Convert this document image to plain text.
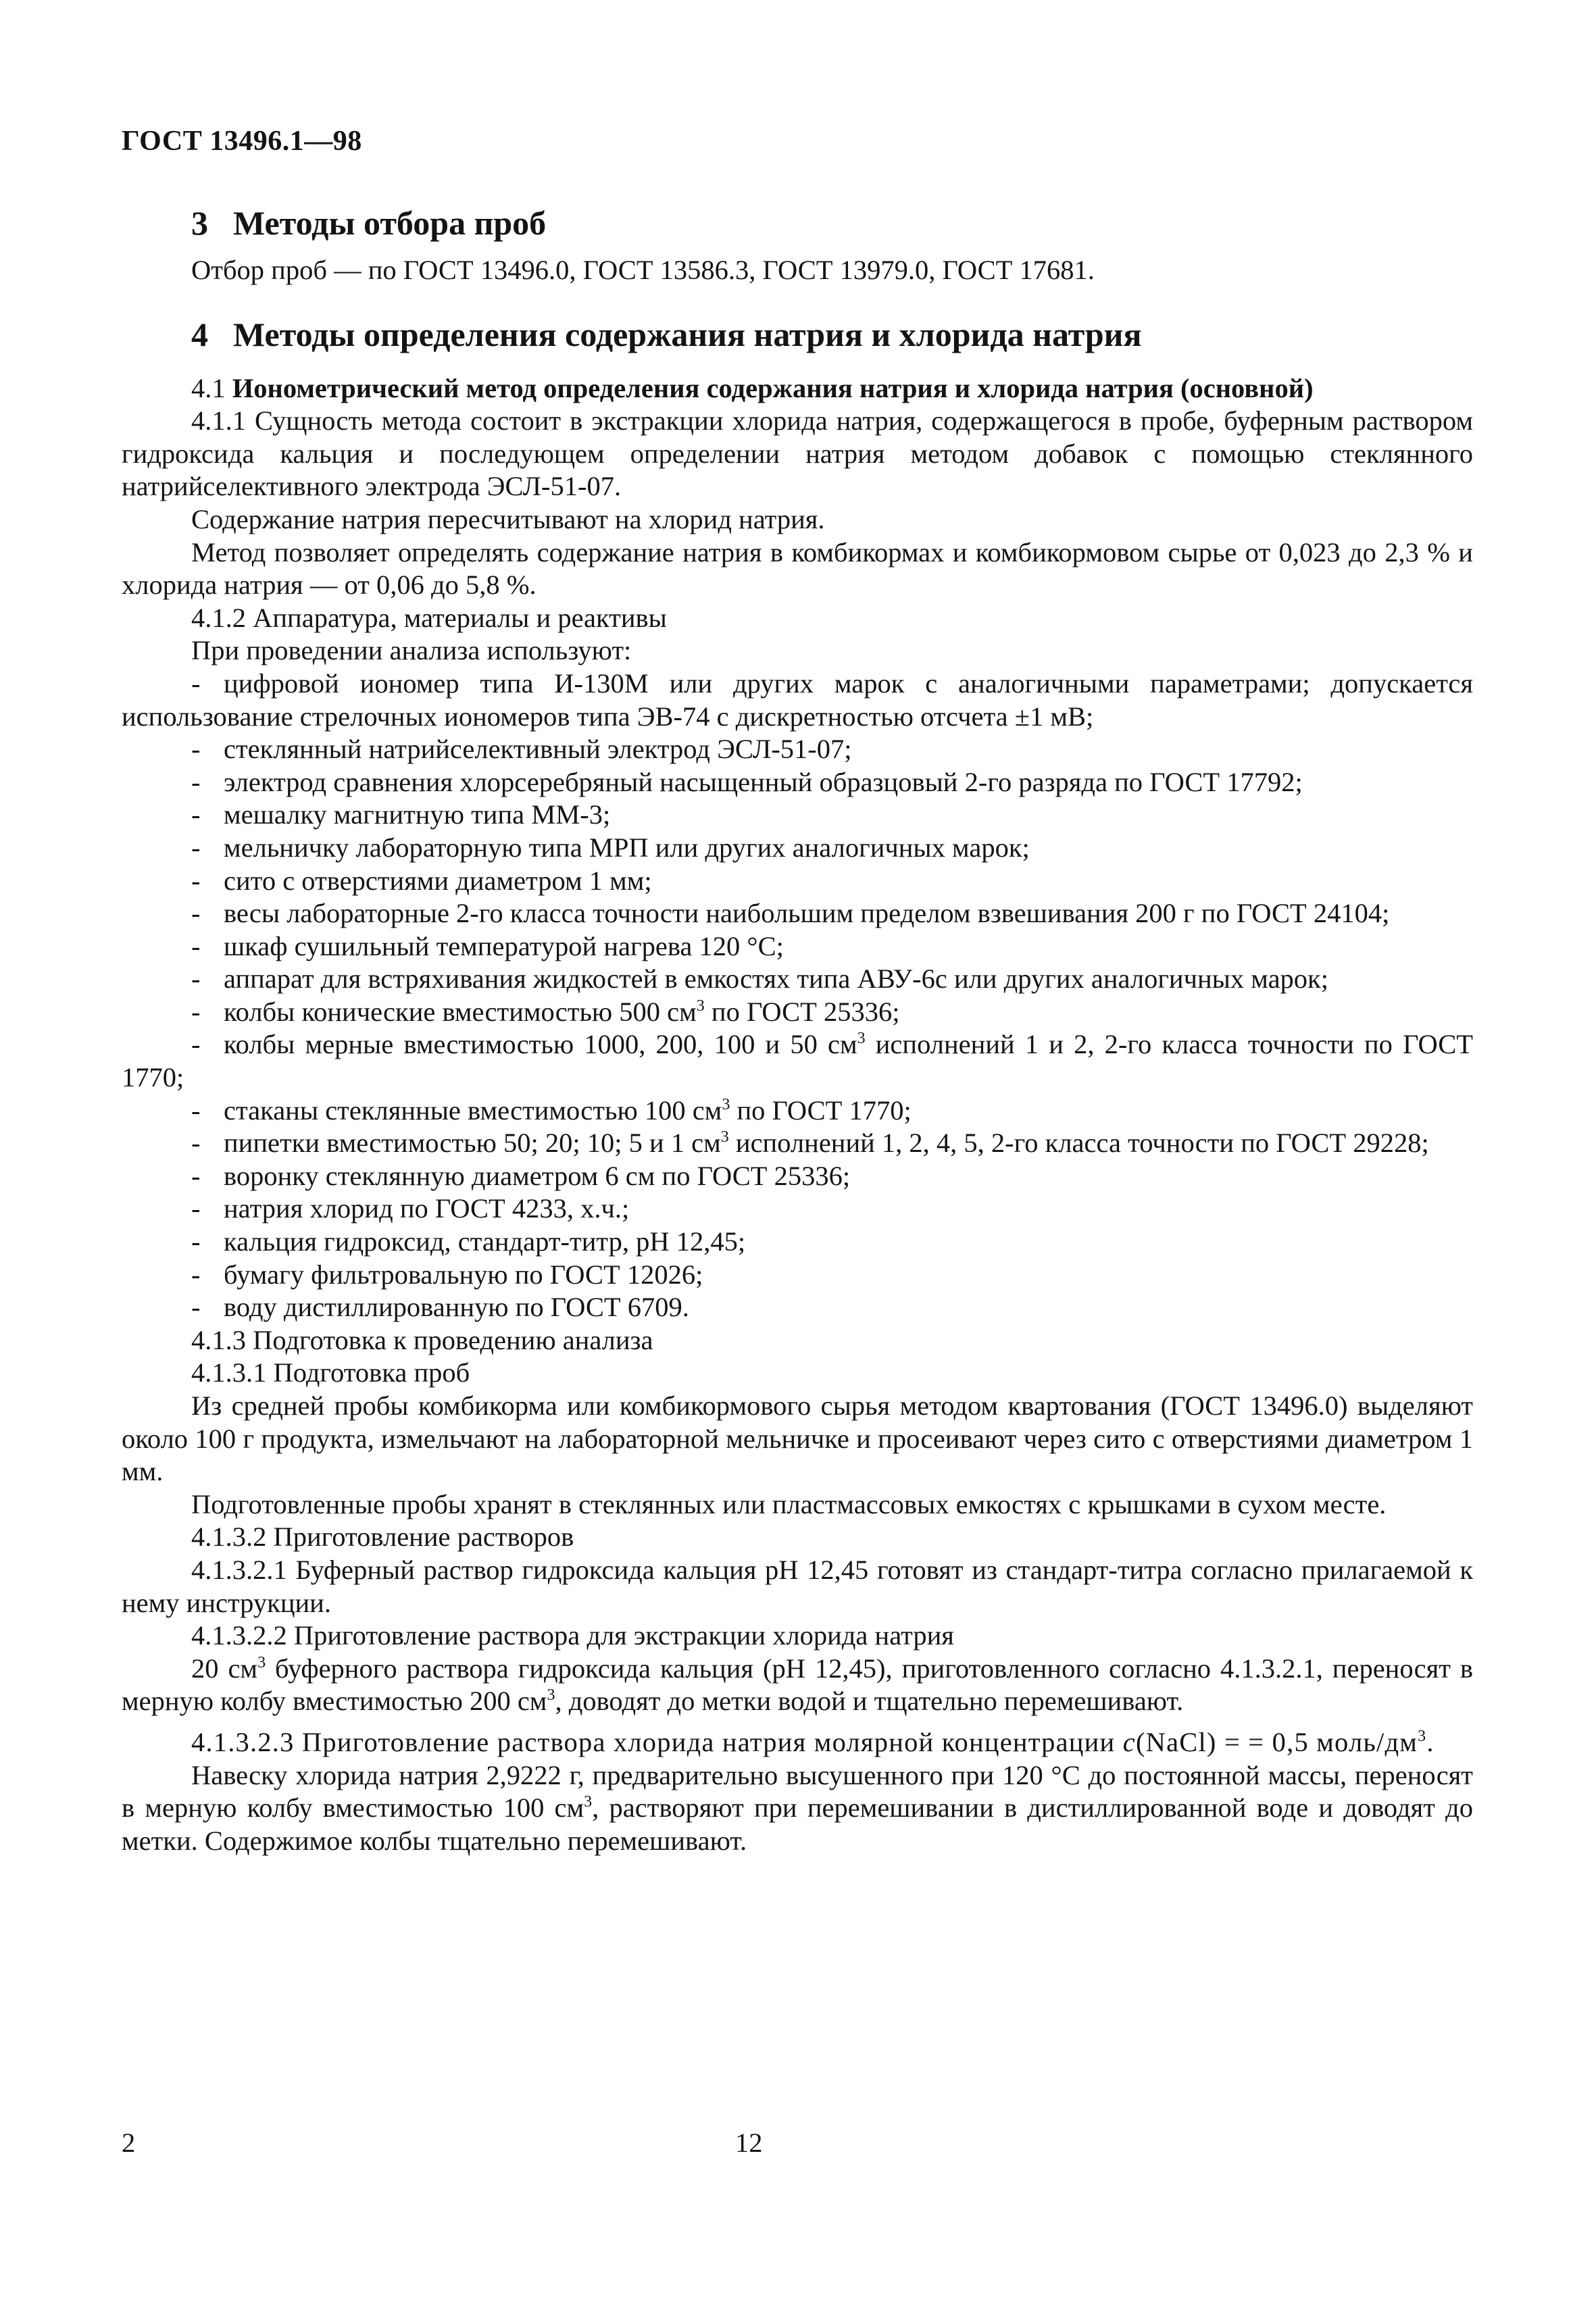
ГОСТ 13496.1—98
3 Методы отбора проб

Отбор проб — по ГОСТ 13496.0, ГОСТ 13586.3, ГОСТ 13979.0, ГОСТ 17681.

4 Методы определения содержания натрия и хлорида натрия

4.1 Ионометрический метод определения содержания натрия и хлорида натрия (основной)

4.1.1 Сущность метода состоит в экстракции хлорида натрия, содержащегося в пробе, буферным раствором гидроксида кальция и последующем определении натрия методом добавок с помощью стеклянного натрийселективного электрода ЭСЛ-51-07.

Содержание натрия пересчитывают на хлорид натрия.

Метод позволяет определять содержание натрия в комбикормах и комбикормовом сырье от 0,023 до 2,3 % и хлорида натрия — от 0,06 до 5,8 %.

4.1.2 Аппаратура, материалы и реактивы

При проведении анализа используют:

- цифровой иономер типа И-130М или других марок с аналогичными параметрами; допускается использование стрелочных иономеров типа ЭВ-74 с дискретностью отсчета ±1 мВ;

- стеклянный натрийселективный электрод ЭСЛ-51-07;

- электрод сравнения хлорсеребряный насыщенный образцовый 2-го разряда по ГОСТ 17792;

- мешалку магнитную типа ММ-3;

- мельничку лабораторную типа МРП или других аналогичных марок;

- сито с отверстиями диаметром 1 мм;

- весы лабораторные 2-го класса точности наибольшим пределом взвешивания 200 г по ГОСТ 24104;

- шкаф сушильный температурой нагрева 120 °С;

- аппарат для встряхивания жидкостей в емкостях типа АВУ-6с или других аналогичных марок;

- колбы конические вместимостью 500 $см^3$ по ГОСТ 25336;

- колбы мерные вместимостью 1000, 200, 100 и 50 $см^3$ исполнений 1 и 2, 2-го класса точности по ГОСТ 1770;

- стаканы стеклянные вместимостью 100 $см^3$ по ГОСТ 1770;

- пипетки вместимостью 50; 20; 10; 5 и 1 $см^3$ исполнений 1, 2, 4, 5, 2-го класса точности по ГОСТ 29228;

- воронку стеклянную диаметром 6 см по ГОСТ 25336;

- натрия хлорид по ГОСТ 4233, х.ч.;

- кальция гидроксид, стандарт-титр, рН 12,45;

- бумагу фильтровальную по ГОСТ 12026;

- воду дистиллированную по ГОСТ 6709.

4.1.3 Подготовка к проведению анализа

4.1.3.1 Подготовка проб

Из средней пробы комбикорма или комбикормового сырья методом квартования (ГОСТ 13496.0) выделяют около 100 г продукта, измельчают на лабораторной мельничке и просеивают через сито с отверстиями диаметром 1 мм.

Подготовленные пробы хранят в стеклянных или пластмассовых емкостях с крышками в сухом месте.

4.1.3.2 Приготовление растворов

4.1.3.2.1 Буферный раствор гидроксида кальция рН 12,45 готовят из стандарт-титра согласно прилагаемой к нему инструкции.

4.1.3.2.2 Приготовление раствора для экстракции хлорида натрия

20 $см^3$ буферного раствора гидроксида кальция (рН 12,45), приготовленного согласно 4.1.3.2.1, переносят в мерную колбу вместимостью 200 $см^3$, доводят до метки водой и тщательно перемешивают.

4.1.3.2.3 Приготовление раствора хлорида натрия молярной концентрации c(NaCl) = = 0,5 моль/$дм^3$.

Навеску хлорида натрия 2,9222 г, предварительно высушенного при 120 °С до постоянной массы, переносят в мерную колбу вместимостью 100 $см^3$, растворяют при перемешивании в дистиллированной воде и доводят до метки. Содержимое колбы тщательно перемешивают.

2	12
